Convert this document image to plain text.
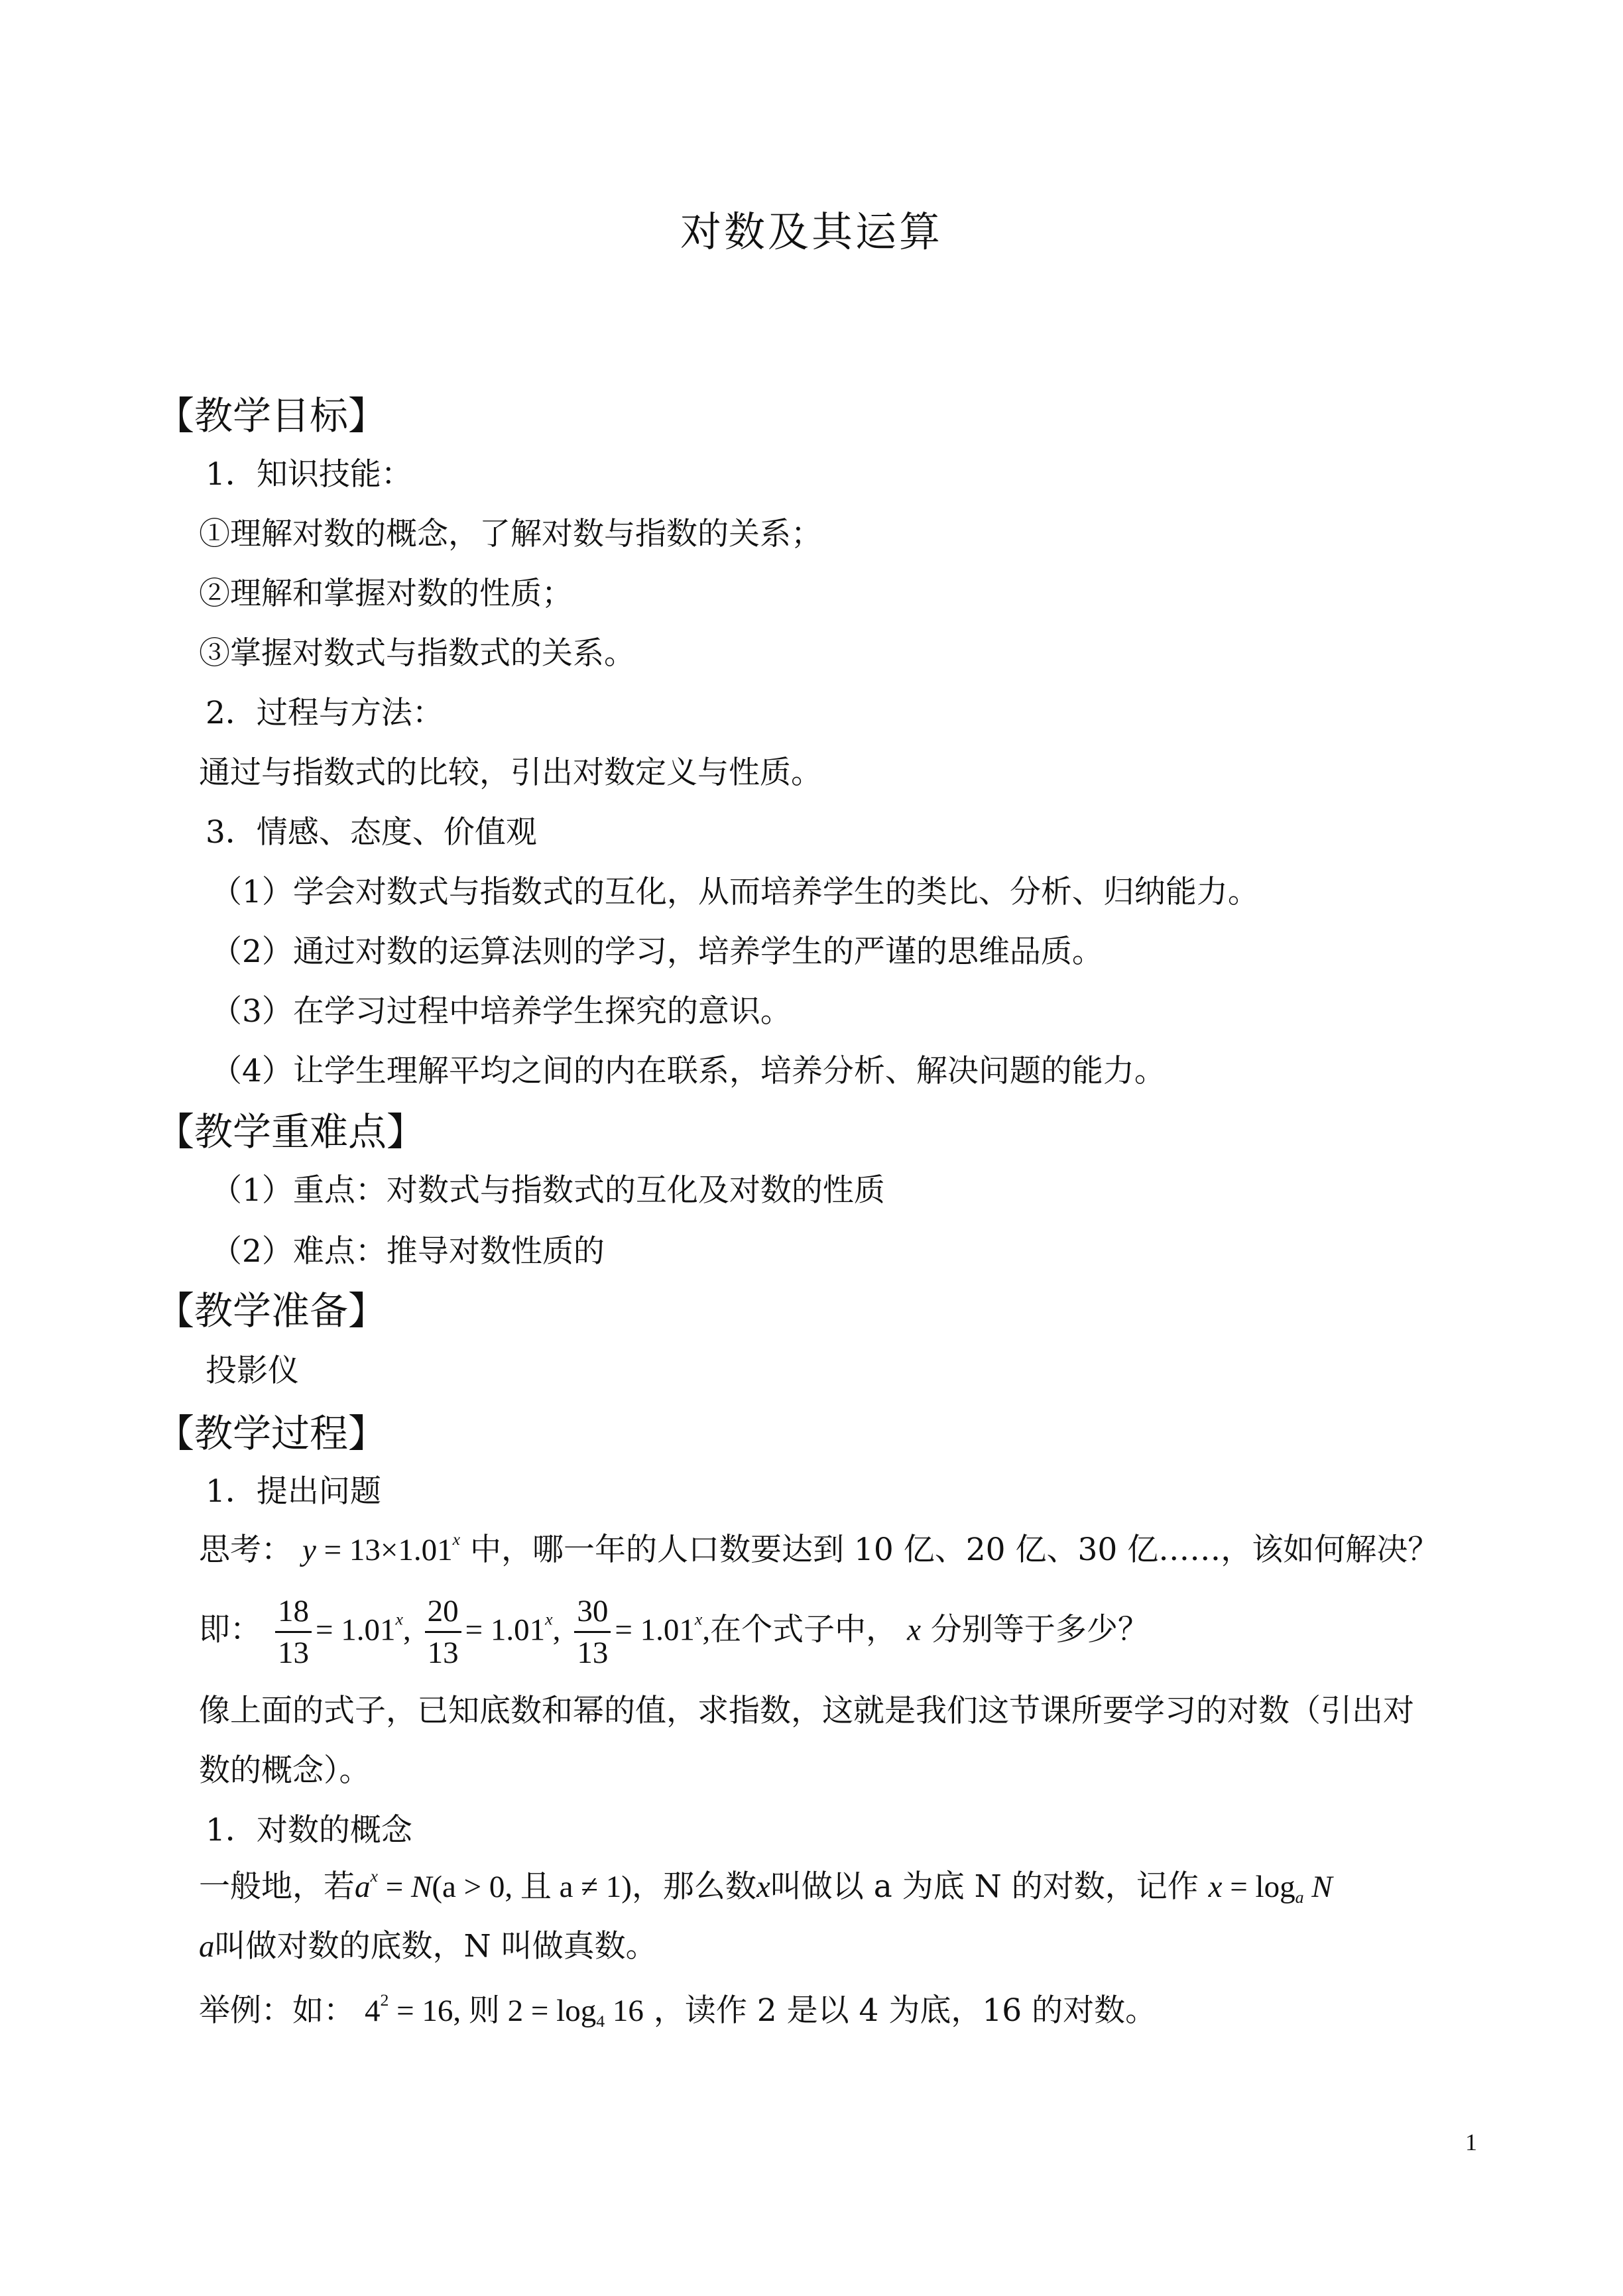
对数及其运算
【教学目标】
1．知识技能：
①理解对数的概念，了解对数与指数的关系；
②理解和掌握对数的性质；
③掌握对数式与指数式的关系。
2．过程与方法：
通过与指数式的比较，引出对数定义与性质。
3．情感、态度、价值观
（1）学会对数式与指数式的互化，从而培养学生的类比、分析、归纳能力。
（2）通过对数的运算法则的学习，培养学生的严谨的思维品质。
（3）在学习过程中培养学生探究的意识。
（4）让学生理解平均之间的内在联系，培养分析、解决问题的能力。
【教学重难点】
（1）重点：对数式与指数式的互化及对数的性质
（2）难点：推导对数性质的
【教学准备】
投影仪
【教学过程】
1．提出问题
思考： $y = 13\times 1.01^x$ 中，哪一年的人口数要达到 10 亿、20 亿、30 亿……，该如何解决？
即： $\frac{18}{13} = 1.01^x$, $\frac{20}{13} = 1.01^x$, $\frac{30}{13} = 1.01^x$,在个式子中， x 分别等于多少？
像上面的式子，已知底数和幂的值，求指数，这就是我们这节课所要学习的对数（引出对
数的概念）。
1．对数的概念
一般地，若$a^x = N(a > 0$, 且 a ≠ 1)，那么数x叫做以 a 为底 N 的对数，记作 $x = \log_a N$
a叫做对数的底数，N 叫做真数。
举例：如： $4^2 = 16$, 则 $2 = \log_4 16$ ，读作 2 是以 4 为底，16 的对数。
1
